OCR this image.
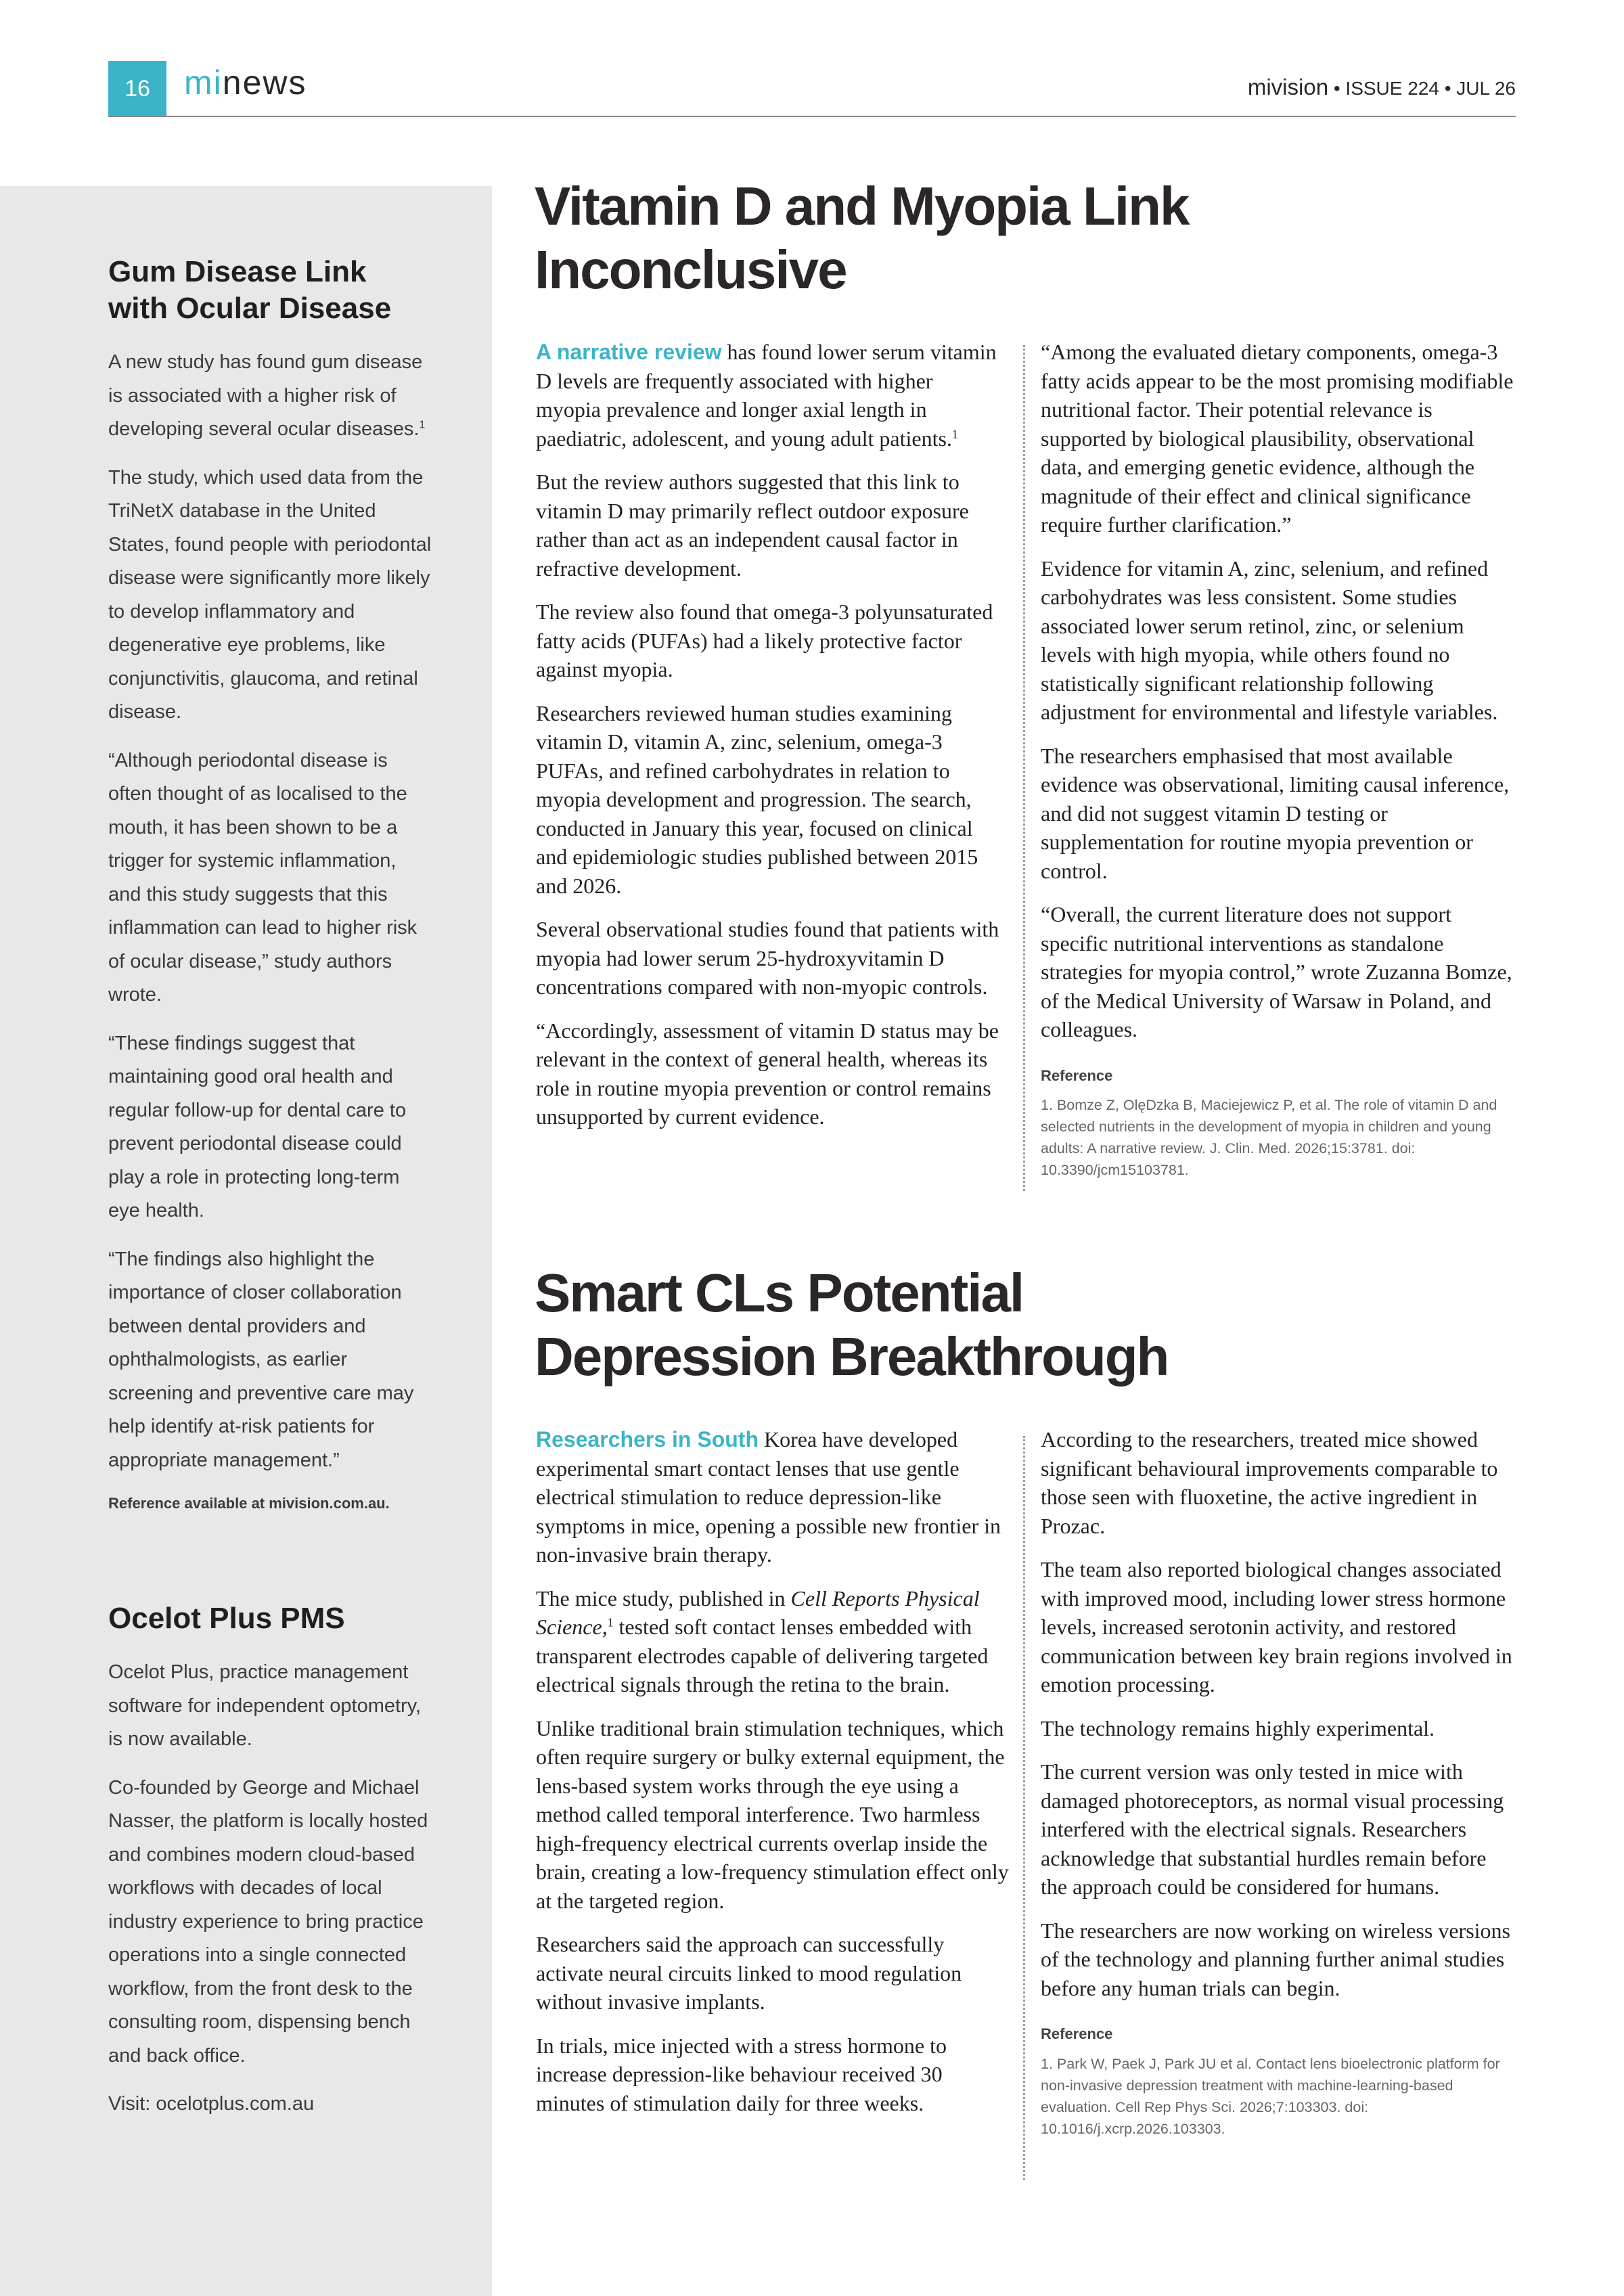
16	minews	mivision • ISSUE 224 • JUL 26
Gum Disease Link with Ocular Disease
A new study has found gum disease is associated with a higher risk of developing several ocular diseases.$^1$
The study, which used data from the TriNetX database in the United States, found people with periodontal disease were significantly more likely to develop inflammatory and degenerative eye problems, like conjunctivitis, glaucoma, and retinal disease.
“Although periodontal disease is often thought of as localised to the mouth, it has been shown to be a trigger for systemic inflammation, and this study suggests that this inflammation can lead to higher risk of ocular disease,” study authors wrote.
“These findings suggest that maintaining good oral health and regular follow-up for dental care to prevent periodontal disease could play a role in protecting long-term eye health.
“The findings also highlight the importance of closer collaboration between dental providers and ophthalmologists, as earlier screening and preventive care may help identify at-risk patients for appropriate management.”
Reference available at mivision.com.au.
Ocelot Plus PMS
Ocelot Plus, practice management software for independent optometry, is now available.
Co-founded by George and Michael Nasser, the platform is locally hosted and combines modern cloud-based workflows with decades of local industry experience to bring practice operations into a single connected workflow, from the front desk to the consulting room, dispensing bench and back office.
Visit: ocelotplus.com.au
Vitamin D and Myopia Link
Inconclusive

A narrative review has found lower serum vitamin D levels are frequently associated with higher myopia prevalence and longer axial length in paediatric, adolescent, and young adult patients.$^1$

But the review authors suggested that this link to vitamin D may primarily reflect outdoor exposure rather than act as an independent causal factor in refractive development.

The review also found that omega-3 polyunsaturated fatty acids (PUFAs) had a likely protective factor against myopia.

Researchers reviewed human studies examining vitamin D, vitamin A, zinc, selenium, omega-3 PUFAs, and refined carbohydrates in relation to myopia development and progression. The search, conducted in January this year, focused on clinical and epidemiologic studies published between 2015 and 2026.

Several observational studies found that patients with myopia had lower serum 25-hydroxyvitamin D concentrations compared with non-myopic controls.

“Accordingly, assessment of vitamin D status may be relevant in the context of general health, whereas its role in routine myopia prevention or control remains unsupported by current evidence.

“Among the evaluated dietary components, omega-3 fatty acids appear to be the most promising modifiable nutritional factor. Their potential relevance is supported by biological plausibility, observational data, and emerging genetic evidence, although the magnitude of their effect and clinical significance require further clarification.”

Evidence for vitamin A, zinc, selenium, and refined carbohydrates was less consistent. Some studies associated lower serum retinol, zinc, or selenium levels with high myopia, while others found no statistically significant relationship following adjustment for environmental and lifestyle variables.

The researchers emphasised that most available evidence was observational, limiting causal inference, and did not suggest vitamin D testing or supplementation for routine myopia prevention or control.

“Overall, the current literature does not support specific nutritional interventions as standalone strategies for myopia control,” wrote Zuzanna Bomze, of the Medical University of Warsaw in Poland, and colleagues.

Reference
1. Bomze Z, OlęDzka B, Maciejewicz P, et al. The role of vitamin D and selected nutrients in the development of myopia in children and young adults: A narrative review. J. Clin. Med. 2026;15:3781. doi: 10.3390/jcm15103781.
Smart CLs Potential
Depression Breakthrough

Researchers in South Korea have developed experimental smart contact lenses that use gentle electrical stimulation to reduce depression-like symptoms in mice, opening a possible new frontier in non-invasive brain therapy.

The mice study, published in Cell Reports Physical Science,$^1$ tested soft contact lenses embedded with transparent electrodes capable of delivering targeted electrical signals through the retina to the brain.

Unlike traditional brain stimulation techniques, which often require surgery or bulky external equipment, the lens-based system works through the eye using a method called temporal interference. Two harmless high-frequency electrical currents overlap inside the brain, creating a low-frequency stimulation effect only at the targeted region.

Researchers said the approach can successfully activate neural circuits linked to mood regulation without invasive implants.

In trials, mice injected with a stress hormone to increase depression-like behaviour received 30 minutes of stimulation daily for three weeks.

According to the researchers, treated mice showed significant behavioural improvements comparable to those seen with fluoxetine, the active ingredient in Prozac.

The team also reported biological changes associated with improved mood, including lower stress hormone levels, increased serotonin activity, and restored communication between key brain regions involved in emotion processing.

The technology remains highly experimental.

The current version was only tested in mice with damaged photoreceptors, as normal visual processing interfered with the electrical signals. Researchers acknowledge that substantial hurdles remain before the approach could be considered for humans.

The researchers are now working on wireless versions of the technology and planning further animal studies before any human trials can begin.

Reference
1. Park W, Paek J, Park JU et al. Contact lens bioelectronic platform for non-invasive depression treatment with machine-learning-based evaluation. Cell Rep Phys Sci. 2026;7:103303. doi: 10.1016/j.xcrp.2026.103303.
